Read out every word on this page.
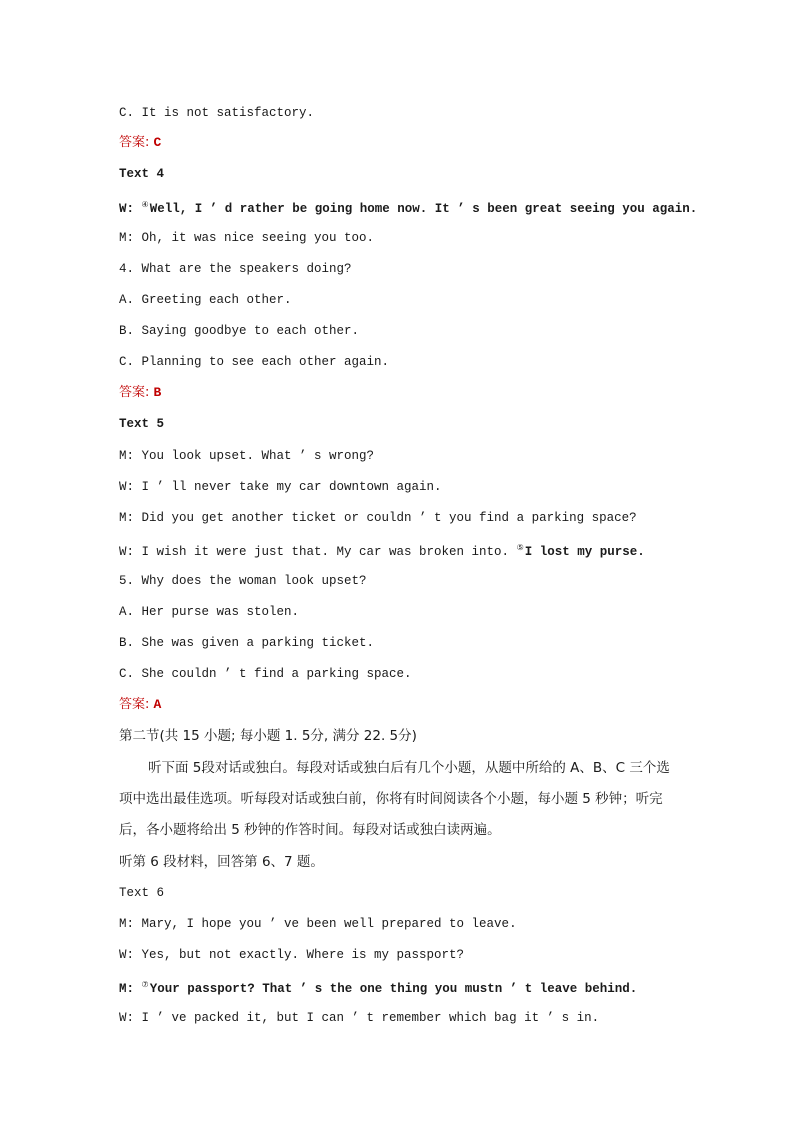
C. It is not satisfactory.
答案: C
Text 4
W: ④Well, I ’ d rather be going home now. It ’ s been great seeing you again.
M: Oh, it was nice seeing you too.
4. What are the speakers doing?
A. Greeting each other.
B. Saying goodbye to each other.
C. Planning to see each other again.
答案: B
Text 5
M: You look upset. What ’ s wrong?
W: I ’ ll never take my car downtown again.
M: Did you get another ticket or couldn ’ t you find a parking space?
W: I wish it were just that. My car was broken into. ⑤I lost my purse.
5. Why does the woman look upset?
A. Her purse was stolen.
B. She was given a parking ticket.
C. She couldn ’ t find a parking space.
答案: A
第二节(共 15 小题; 每小题 1. 5分, 满分 22. 5分)
听下面 5段对话或独白。每段对话或独白后有几个小题，从题中所给的 A、B、C 三个选
项中选出最佳选项。听每段对话或独白前，你将有时间阅读各个小题，每小题 5 秒钟；听完
后，各小题将给出 5 秒钟的作答时间。每段对话或独白读两遍。
听第 6 段材料，回答第 6、7 题。
Text 6
M: Mary, I hope you ’ ve been well prepared to leave.
W: Yes, but not exactly. Where is my passport?
M: ⑦Your passport? That ’ s the one thing you mustn ’ t leave behind.
W: I ’ ve packed it, but I can ’ t remember which bag it ’ s in.
